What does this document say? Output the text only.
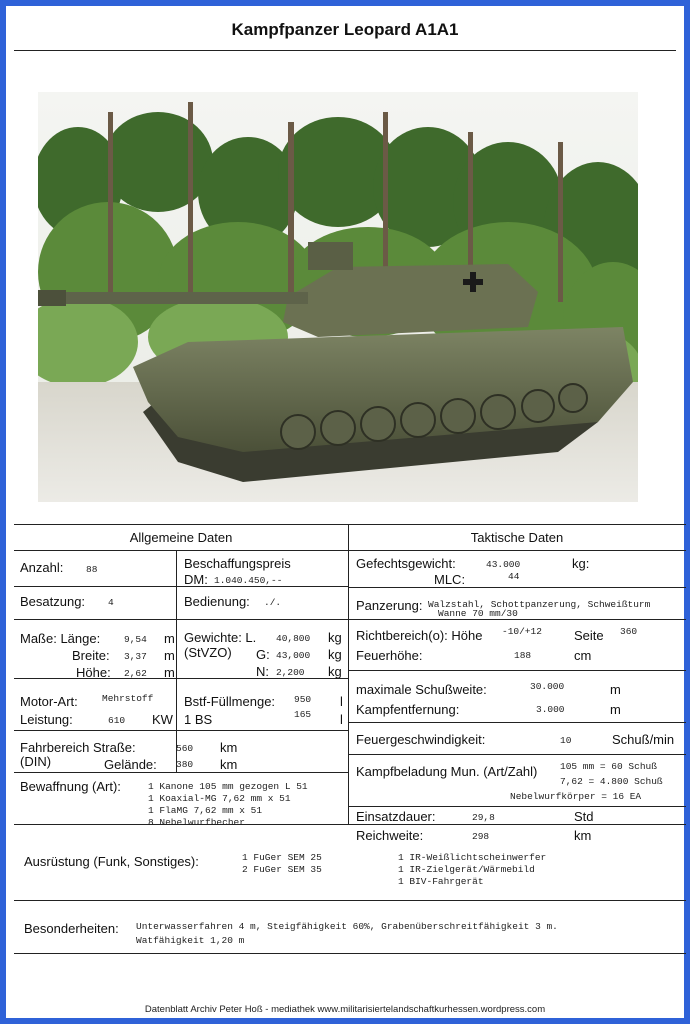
Kampfpanzer Leopard A1A1
Allgemeine Daten	Taktische Daten
Anzahl: 88	Beschaffungspreis
DM: 1.040.450,--
Besatzung: 4	Bedienung: ./.
Maße: Länge:	9,54 m
Breite: 3,37 m
Höhe: 2,62 m
Gewichte: L.
(StVZO)
40,800 kg
G: 43,000 kg
N: 2,200 kg
Motor-Art:	Mehrstoff
Leistung:	610 KW
Bstf-Füllmenge: 950 l
1 BS	165 l
Fahrbereich Straße:
(DIN)
560 km
Gelände: 380 km
Bewaffnung (Art):	1 Kanone 105 mm gezogen L 51
1 Koaxial-MG 7,62 mm x 51
1 FlaMG 7,62 mm x 51
8 Nebelwurfbecher
Gefechtsgewicht:	43.000	kg:
MLC:	44
Panzerung: Walzstahl, Schottpanzerung, Schweißturm
Wanne 70 mm/30
Richtbereich(o): Höhe -10/+12 Seite 360
Feuerhöhe:	188	cm
maximale Schußweite:	30.000	m
Kampfentfernung:	3.000	m
Feuergeschwindigkeit:	10	Schuß/min
Kampfbeladung Mun. (Art/Zahl) 105 mm = 60 Schuß
7,62 = 4.800 Schuß
Nebelwurfkörper = 16 EA
Einsatzdauer:	29,8	Std
Reichweite:	298	km
Ausrüstung (Funk, Sonstiges):	1 FuGer SEM 25
2 FuGer SEM 35
1 IR-Weißlichtscheinwerfer
1 IR-Zielgerät/Wärmebild
1 BIV-Fahrgerät
Besonderheiten: Unterwasserfahren 4 m, Steigfähigkeit 60%, Grabenüberschreitfähigkeit 3 m.
Watfähigkeit 1,20 m
Datenblatt Archiv Peter Hoß - mediathek www.militarisiertelandschaftkurhessen.wordpress.com
